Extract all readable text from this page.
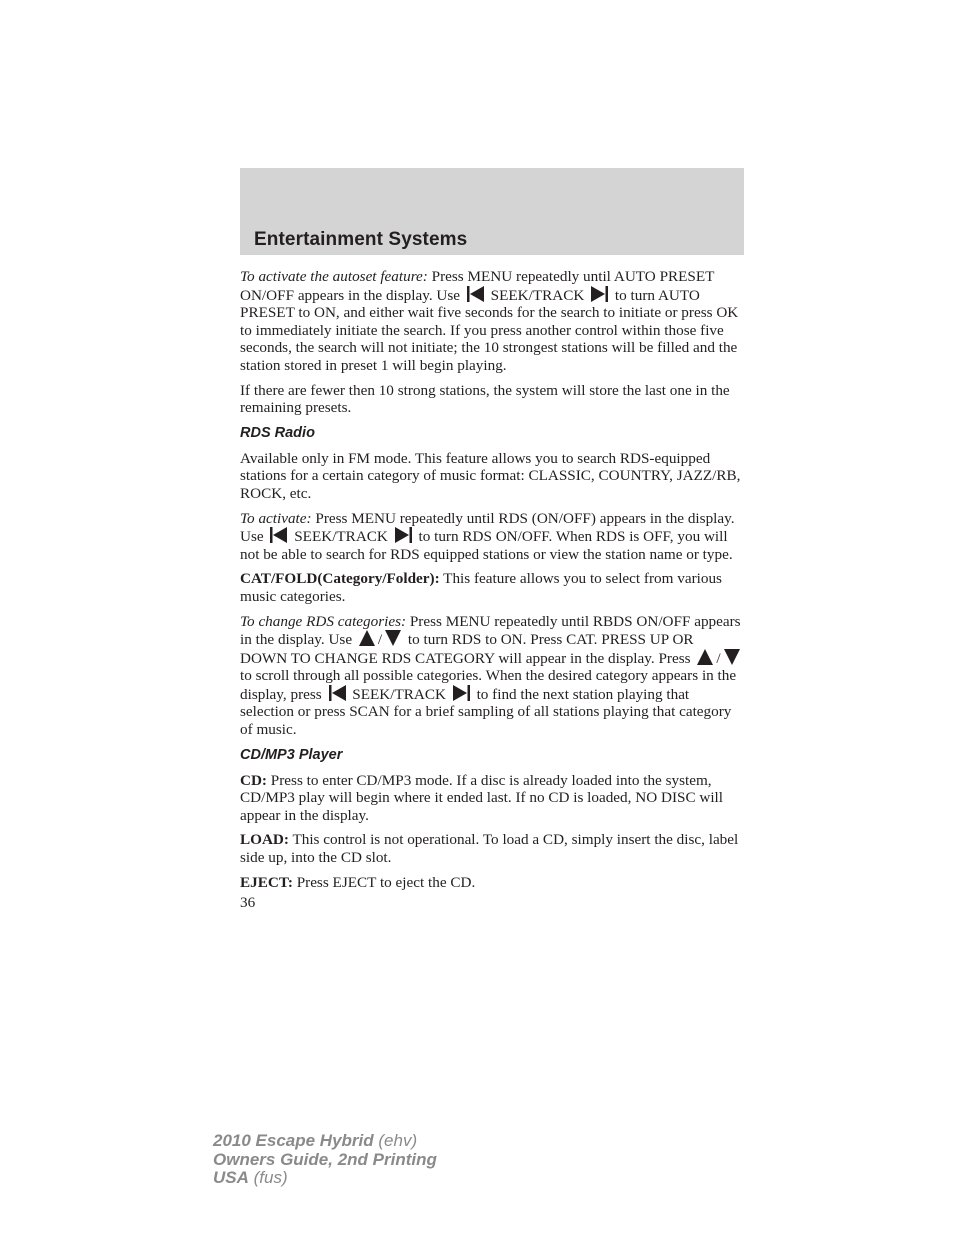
Entertainment Systems

To activate the autoset feature: Press MENU repeatedly until AUTO PRESET ON/OFF appears in the display. Use SEEK/TRACK to turn AUTO PRESET to ON, and either wait five seconds for the search to initiate or press OK to immediately initiate the search. If you press another control within those five seconds, the search will not initiate; the 10 strongest stations will be filled and the station stored in preset 1 will begin playing.

If there are fewer then 10 strong stations, the system will store the last one in the remaining presets.

RDS Radio

Available only in FM mode. This feature allows you to search RDS-equipped stations for a certain category of music format: CLASSIC, COUNTRY, JAZZ/RB, ROCK, etc.

To activate: Press MENU repeatedly until RDS (ON/OFF) appears in the display. Use SEEK/TRACK to turn RDS ON/OFF. When RDS is OFF, you will not be able to search for RDS equipped stations or view the station name or type.

CAT/FOLD(Category/Folder): This feature allows you to select from various music categories.

To change RDS categories: Press MENU repeatedly until RBDS ON/OFF appears in the display. Use / to turn RDS to ON. Press CAT. PRESS UP OR DOWN TO CHANGE RDS CATEGORY will appear in the display. Press /
to scroll through all possible categories. When the desired category appears in the display, press SEEK/TRACK to find the next station playing that selection or press SCAN for a brief sampling of all stations playing that category of music.

CD/MP3 Player

CD: Press to enter CD/MP3 mode. If a disc is already loaded into the system, CD/MP3 play will begin where it ended last. If no CD is loaded, NO DISC will appear in the display.

LOAD: This control is not operational. To load a CD, simply insert the disc, label side up, into the CD slot.

EJECT: Press EJECT to eject the CD.

36

2010 Escape Hybrid (ehv)
Owners Guide, 2nd Printing
USA (fus)
